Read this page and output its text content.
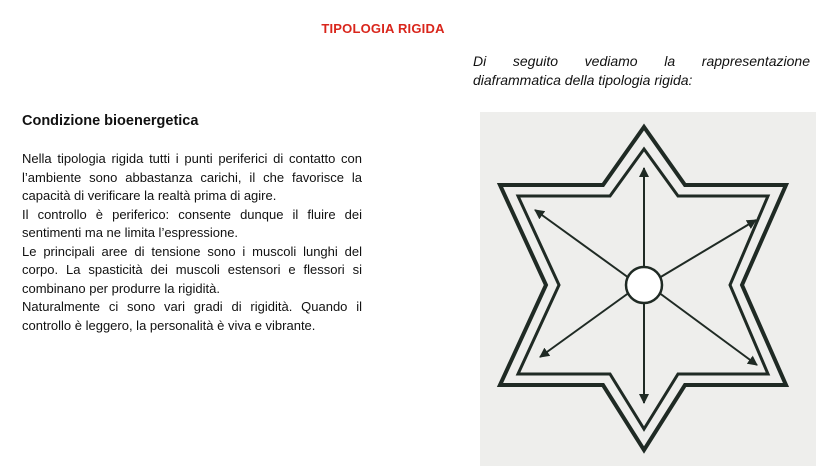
TIPOLOGIA RIGIDA
Condizione bioenergetica

Nella tipologia rigida tutti i punti periferici di contatto con l’ambiente sono abbastanza carichi, il che favorisce la capacità di verificare la realtà prima di agire.

Il controllo è periferico: consente dunque il fluire dei sentimenti ma ne limita l’espressione.

Le principali aree di tensione sono i muscoli lunghi del corpo. La spasticità dei muscoli estensori e flessori si combinano per produrre la rigidità.

Naturalmente ci sono vari gradi di rigidità. Quando il controllo è leggero, la personalità è viva e vibrante.

Di seguito vediamo la rappresentazione
diaframmatica della tipologia rigida:
